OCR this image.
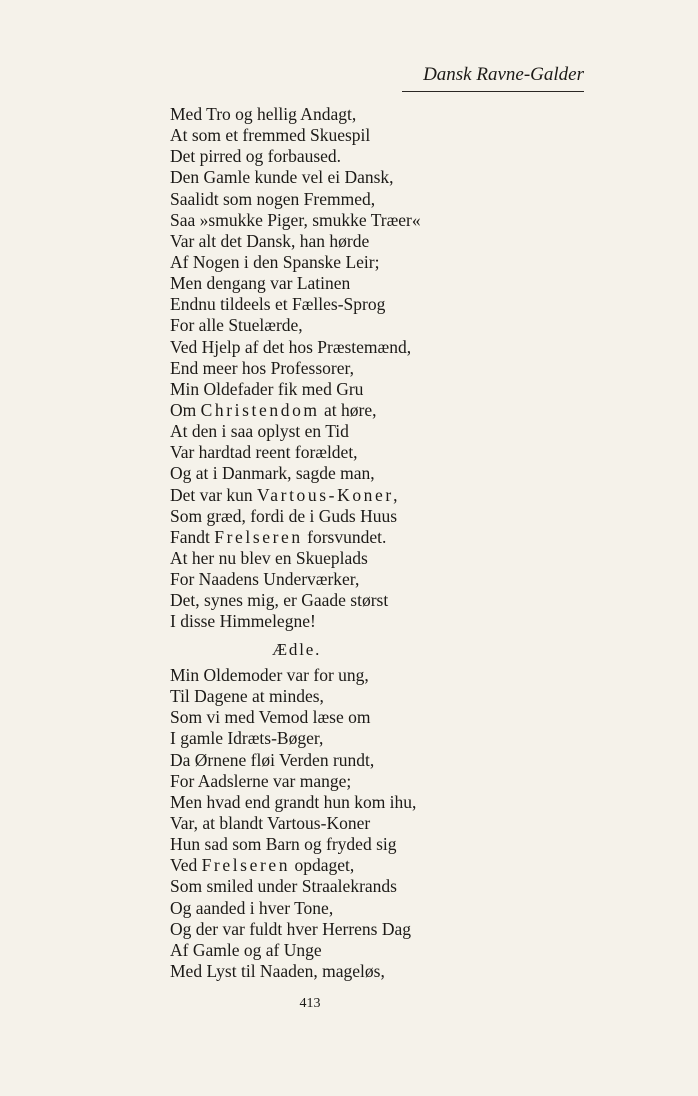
Dansk Ravne-Galder
Med Tro og hellig Andagt,
At som et fremmed Skuespil
Det pirred og forbaused.
Den Gamle kunde vel ei Dansk,
Saalidt som nogen Fremmed,
Saa »smukke Piger, smukke Træer«
Var alt det Dansk, han hørde
Af Nogen i den Spanske Leir;
Men dengang var Latinen
Endnu tildeels et Fælles-Sprog
For alle Stuelærde,
Ved Hjelp af det hos Præstemænd,
End meer hos Professorer,
Min Oldefader fik med Gru
Om Christendom at høre,
At den i saa oplyst en Tid
Var hardtad reent forældet,
Og at i Danmark, sagde man,
Det var kun Vartous-Koner,
Som græd, fordi de i Guds Huus
Fandt Frelseren forsvundet.
At her nu blev en Skueplads
For Naadens Underværker,
Det, synes mig, er Gaade størst
I disse Himmelegne!
Ædle.
Min Oldemoder var for ung,
Til Dagene at mindes,
Som vi med Vemod læse om
I gamle Idræts-Bøger,
Da Ørnene fløi Verden rundt,
For Aadslerne var mange;
Men hvad end grandt hun kom ihu,
Var, at blandt Vartous-Koner
Hun sad som Barn og fryded sig
Ved Frelseren opdaget,
Som smiled under Straalekrands
Og aanded i hver Tone,
Og der var fuldt hver Herrens Dag
Af Gamle og af Unge
Med Lyst til Naaden, mageløs,
413
